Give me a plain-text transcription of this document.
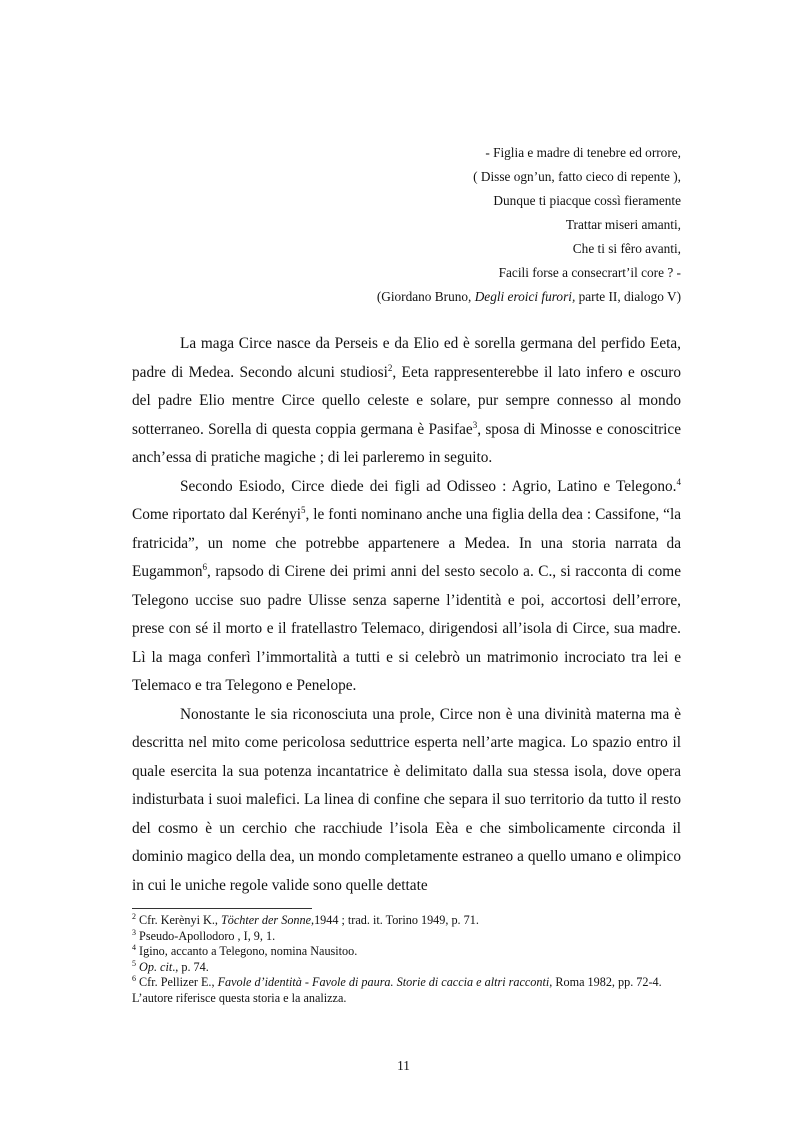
- Figlia e madre di tenebre ed orrore,
( Disse ogn’un, fatto cieco di repente ),
Dunque ti piacque cossì fieramente
Trattar miseri amanti,
Che ti si fêro avanti,
Facili forse a consecrart’il core ? -
(Giordano Bruno, Degli eroici furori, parte II, dialogo V)

La maga Circe nasce da Perseis e da Elio ed è sorella germana del perfido Eeta, padre di Medea. Secondo alcuni studiosi$^2$, Eeta rappresenterebbe il lato infero e oscuro del padre Elio mentre Circe quello celeste e solare, pur sempre connesso al mondo sotterraneo. Sorella di questa coppia germana è Pasifae$^3$, sposa di Minosse e conoscitrice anch’essa di pratiche magiche ; di lei parleremo in seguito.

Secondo Esiodo, Circe diede dei figli ad Odisseo : Agrio, Latino e Telegono.$^4$ Come riportato dal Kerényi$^5$, le fonti nominano anche una figlia della dea : Cassifone, “la fratricida”, un nome che potrebbe appartenere a Medea. In una storia narrata da Eugammon$^6$, rapsodo di Cirene dei primi anni del sesto secolo a. C., si racconta di come Telegono uccise suo padre Ulisse senza saperne l’identità e poi, accortosi dell’errore, prese con sé il morto e il fratellastro Telemaco, dirigendosi all’isola di Circe, sua madre. Lì la maga conferì l’immortalità a tutti e si celebrò un matrimonio incrociato tra lei e Telemaco e tra Telegono e Penelope.

Nonostante le sia riconosciuta una prole, Circe non è una divinità materna ma è descritta nel mito come pericolosa seduttrice esperta nell’arte magica. Lo spazio entro il quale esercita la sua potenza incantatrice è delimitato dalla sua stessa isola, dove opera indisturbata i suoi malefici. La linea di confine che separa il suo territorio da tutto il resto del cosmo è un cerchio che racchiude l’isola Eèa e che simbolicamente circonda il dominio magico della dea, un mondo completamente estraneo a quello umano e olimpico in cui le uniche regole valide sono quelle dettate

$^2$ Cfr. Kerènyi K., Töchter der Sonne,1944 ; trad. it. Torino 1949, p. 71.

$^3$ Pseudo-Apollodoro , I, 9, 1.

$^4$ Igino, accanto a Telegono, nomina Nausitoo.

$^5$ Op. cit., p. 74.

$^6$ Cfr. Pellizer E., Favole d’identità - Favole di paura. Storie di caccia e altri racconti, Roma 1982, pp. 72-4. L’autore riferisce questa storia e la analizza.

11
